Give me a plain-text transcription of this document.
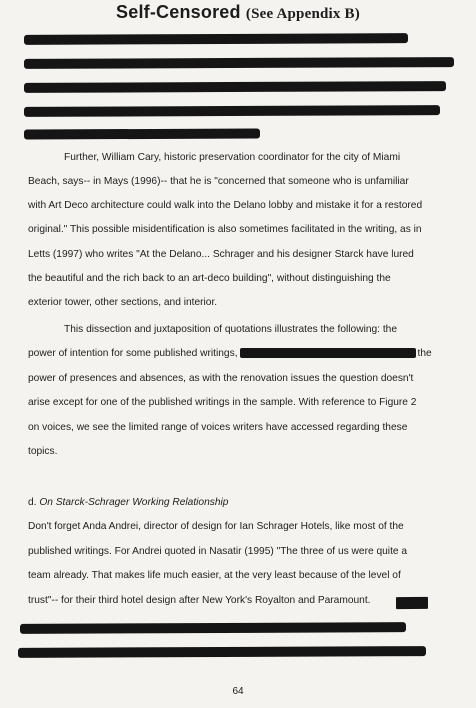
Self-Censored (See Appendix B)
Further, William Cary, historic preservation coordinator for the city of Miami
Beach, says-- in Mays (1996)-- that he is "concerned that someone who is unfamiliar
with Art Deco architecture could walk into the Delano lobby and mistake it for a restored
original." This possible misidentification is also sometimes facilitated in the writing, as in
Letts (1997) who writes "At the Delano... Schrager and his designer Starck have lured
the beautiful and the rich back to an art-deco building", without distinguishing the
exterior tower, other sections, and interior.
This dissection and juxtaposition of quotations illustrates the following: the
power of intention for some published writings,	the
power of presences and absences, as with the renovation issues the question doesn't
arise except for one of the published writings in the sample. With reference to Figure 2
on voices, we see the limited range of voices writers have accessed regarding these
topics.
d. On Starck-Schrager Working Relationship
Don't forget Anda Andrei, director of design for Ian Schrager Hotels, like most of the
published writings. For Andrei quoted in Nasatir (1995) "The three of us were quite a
team already. That makes life much easier, at the very least because of the level of
trust"-- for their third hotel design after New York's Royalton and Paramount.
64
